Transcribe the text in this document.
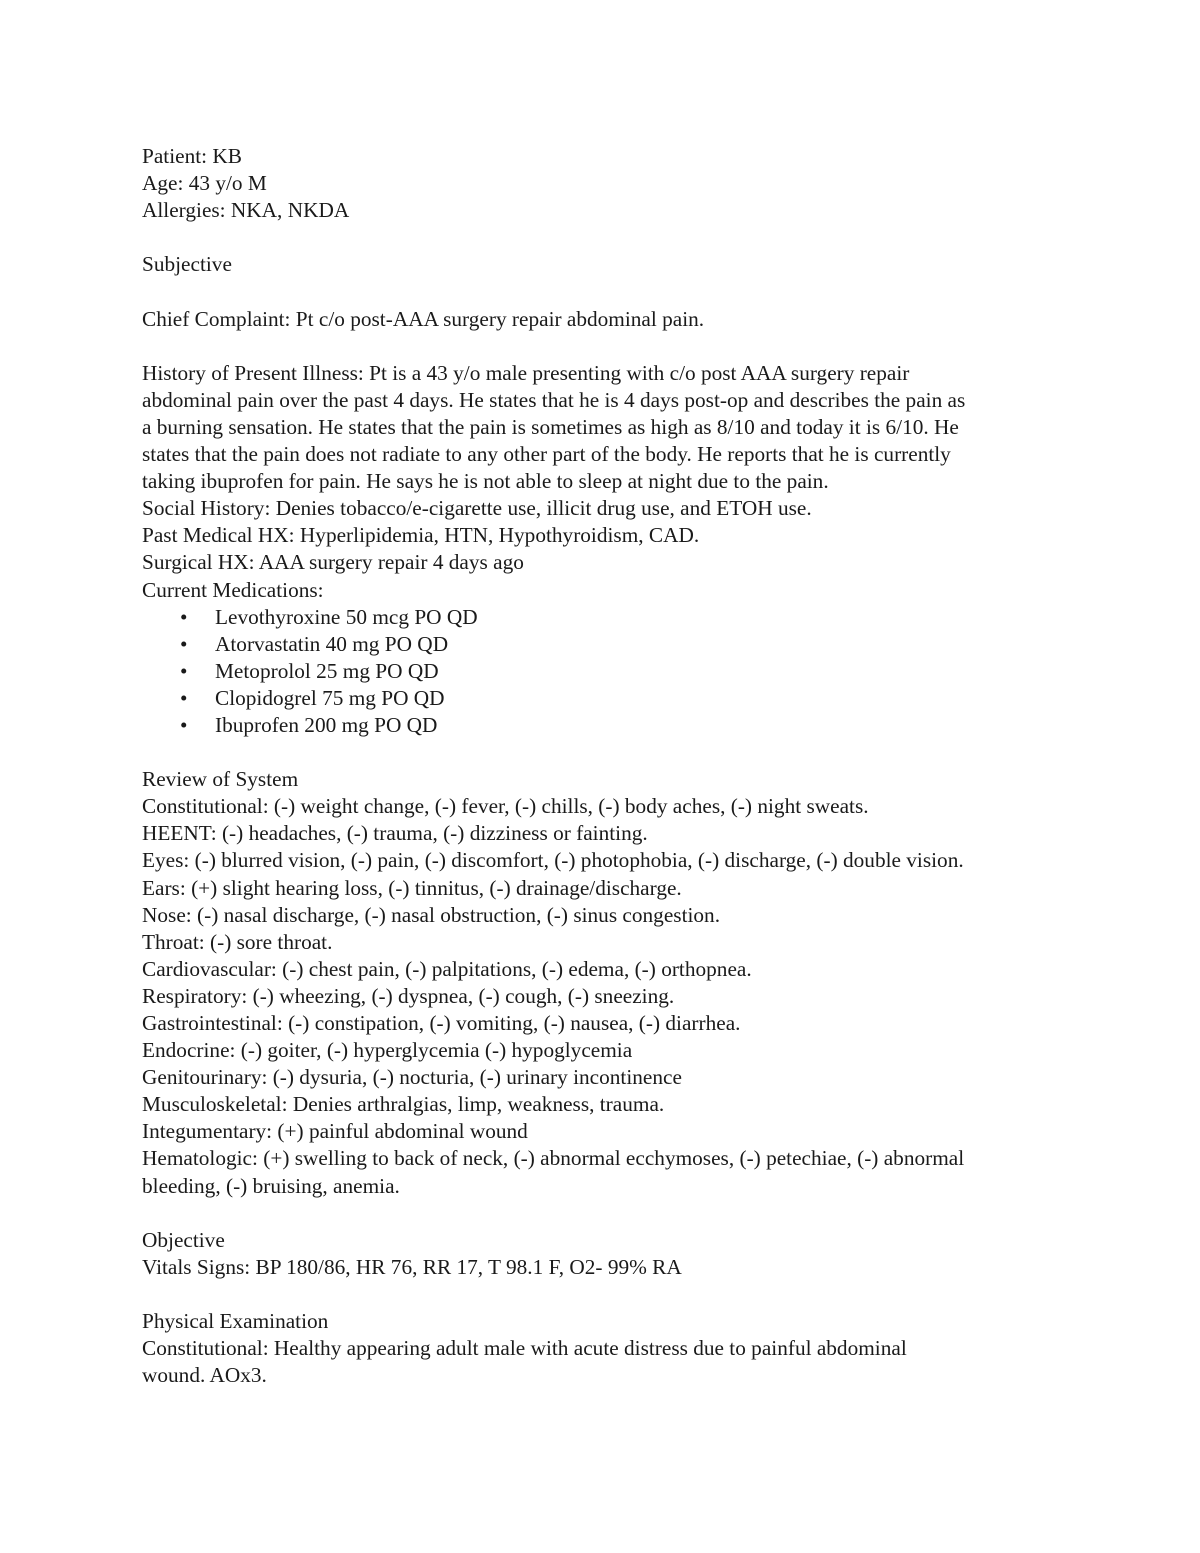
Patient: KB
Age: 43 y/o M
Allergies: NKA, NKDA
Subjective
Chief Complaint: Pt c/o post-AAA surgery repair abdominal pain.
History of Present Illness: Pt is a 43 y/o male presenting with c/o post AAA surgery repair
abdominal pain over the past 4 days. He states that he is 4 days post-op and describes the pain as
a burning sensation. He states that the pain is sometimes as high as 8/10 and today it is 6/10. He
states that the pain does not radiate to any other part of the body. He reports that he is currently
taking ibuprofen for pain. He says he is not able to sleep at night due to the pain.
Social History: Denies tobacco/e-cigarette use, illicit drug use, and ETOH use.
Past Medical HX: Hyperlipidemia, HTN, Hypothyroidism, CAD.
Surgical HX: AAA surgery repair 4 days ago
Current Medications:
• Levothyroxine 50 mcg PO QD
• Atorvastatin 40 mg PO QD
• Metoprolol 25 mg PO QD
• Clopidogrel 75 mg PO QD
• Ibuprofen 200 mg PO QD
Review of System
Constitutional: (-) weight change, (-) fever, (-) chills, (-) body aches, (-) night sweats.
HEENT: (-) headaches, (-) trauma, (-) dizziness or fainting.
Eyes: (-) blurred vision, (-) pain, (-) discomfort, (-) photophobia, (-) discharge, (-) double vision.
Ears: (+) slight hearing loss, (-) tinnitus, (-) drainage/discharge.
Nose: (-) nasal discharge, (-) nasal obstruction, (-) sinus congestion.
Throat: (-) sore throat.
Cardiovascular: (-) chest pain, (-) palpitations, (-) edema, (-) orthopnea.
Respiratory: (-) wheezing, (-) dyspnea, (-) cough, (-) sneezing.
Gastrointestinal: (-) constipation, (-) vomiting, (-) nausea, (-) diarrhea.
Endocrine: (-) goiter, (-) hyperglycemia (-) hypoglycemia
Genitourinary: (-) dysuria, (-) nocturia, (-) urinary incontinence
Musculoskeletal: Denies arthralgias, limp, weakness, trauma.
Integumentary: (+) painful abdominal wound
Hematologic: (+) swelling to back of neck, (-) abnormal ecchymoses, (-) petechiae, (-) abnormal
bleeding, (-) bruising, anemia.
Objective
Vitals Signs: BP 180/86, HR 76, RR 17, T 98.1 F, O2- 99% RA
Physical Examination
Constitutional: Healthy appearing adult male with acute distress due to painful abdominal
wound. AOx3.
